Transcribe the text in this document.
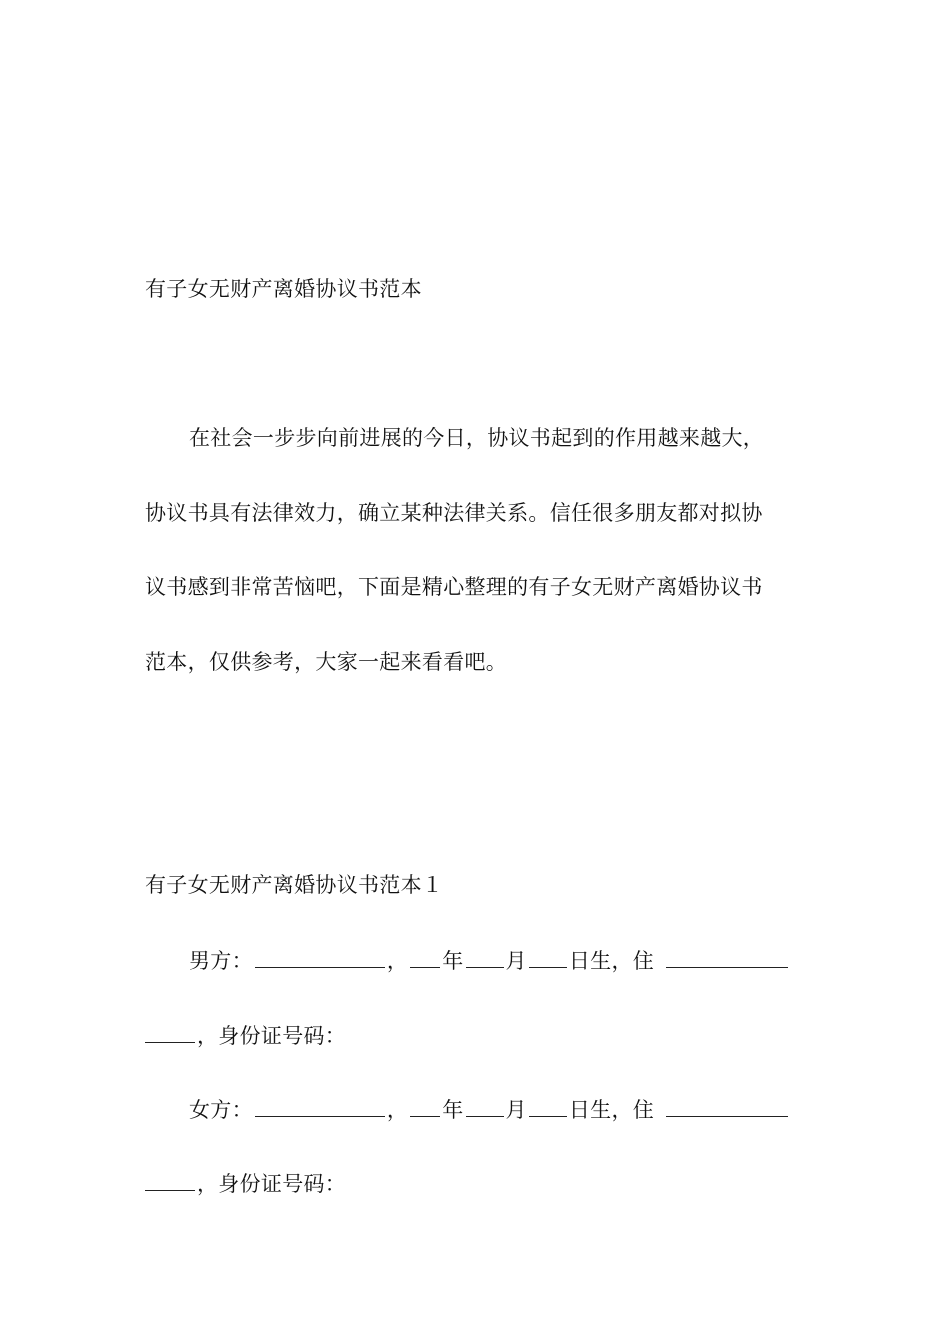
有子女无财产离婚协议书范本
在社会一步步向前进展的今日，协议书起到的作用越来越大，
协议书具有法律效力，确立某种法律关系。信任很多朋友都对拟协
议书感到非常苦恼吧，下面是精心整理的有子女无财产离婚协议书
范本，仅供参考，大家一起来看看吧。
有子女无财产离婚协议书范本１
男方：	， 年 月 日生，住
，身份证号码：
女方：	， 年 月 日生，住
，身份证号码：
